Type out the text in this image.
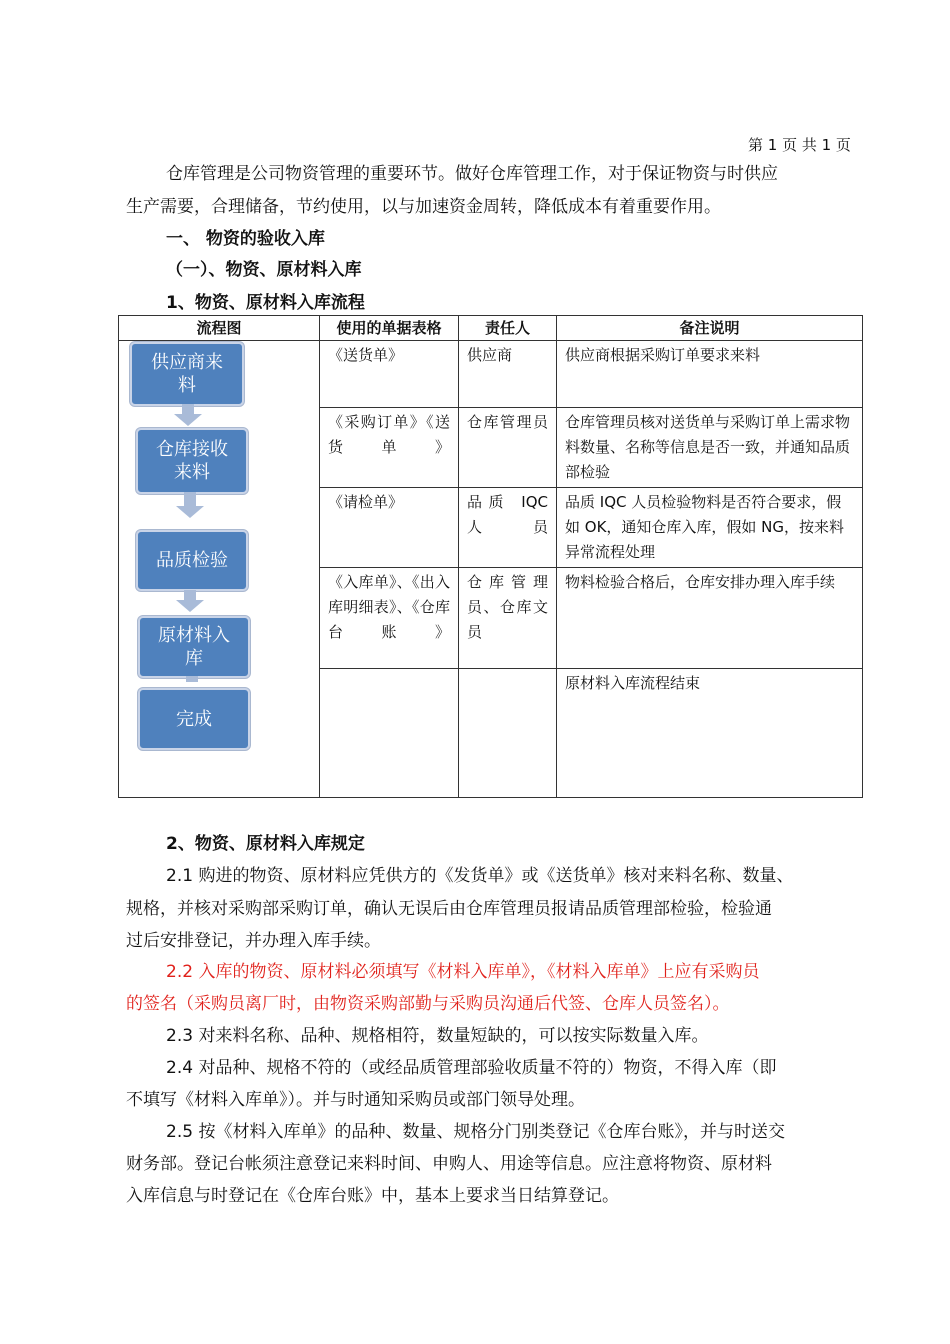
第 1 页 共 1 页
仓库管理是公司物资管理的重要环节。做好仓库管理工作，对于保证物资与时供应
生产需要，合理储备，节约使用，以与加速资金周转，降低成本有着重要作用。
一、 物资的验收入库
（一）、物资、原材料入库
1、物资、原材料入库流程
流程图	使用的单据表格	责任人	备注说明
	《送货单》	供应商	供应商根据采购订单要求来料
	《采购订单》《送货单》	仓库管理员	仓库管理员核对送货单与采购订单上需求物料数量、名称等信息是否一致，并通知品质部检验
	《请检单》	品质 IQC 人员	品质 IQC 人员检验物料是否符合要求，假如 OK，通知仓库入库，假如 NG，按来料异常流程处理
	《入库单》、《出入库明细表》、《仓库台账》	仓库管理员、仓库文员	物料检验合格后，仓库安排办理入库手续
			原材料入库流程结束
供应商来料
仓库接收来料
品质检验
原材料入库
完成
2、物资、原材料入库规定
2.1 购进的物资、原材料应凭供方的《发货单》或《送货单》核对来料名称、数量、
规格，并核对采购部采购订单，确认无误后由仓库管理员报请品质管理部检验，检验通
过后安排登记，并办理入库手续。
2.2 入库的物资、原材料必须填写《材料入库单》，《材料入库单》上应有采购员
的签名（采购员离厂时，由物资采购部勤与采购员沟通后代签、仓库人员签名）。
2.3 对来料名称、品种、规格相符，数量短缺的，可以按实际数量入库。
2.4 对品种、规格不符的（或经品质管理部验收质量不符的）物资，不得入库（即
不填写《材料入库单》）。并与时通知采购员或部门领导处理。
2.5 按《材料入库单》的品种、数量、规格分门别类登记《仓库台账》，并与时送交
财务部。登记台帐须注意登记来料时间、申购人、用途等信息。应注意将物资、原材料
入库信息与时登记在《仓库台账》中，基本上要求当日结算登记。
